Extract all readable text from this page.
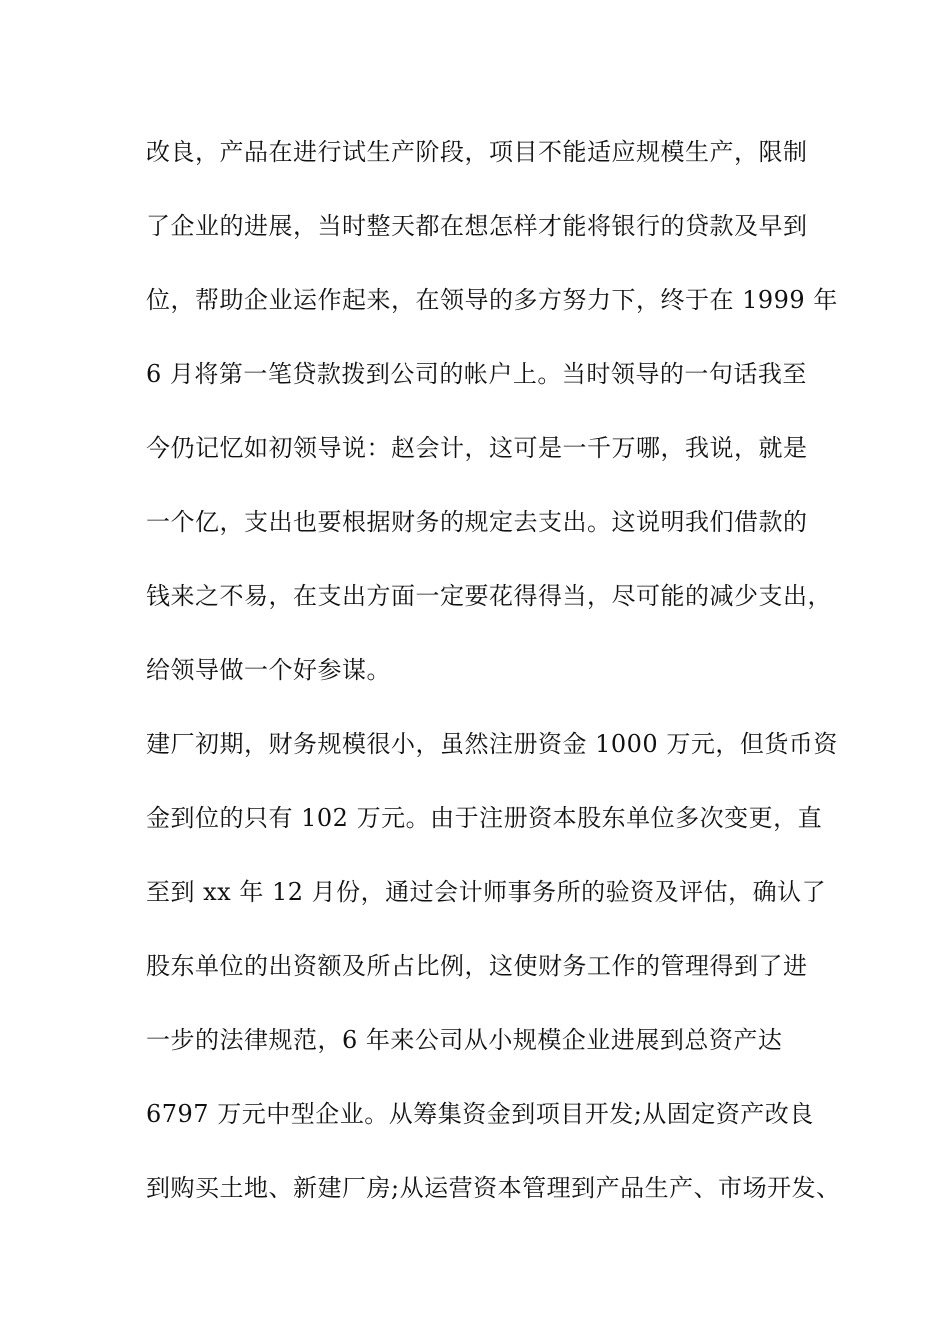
改良，产品在进行试生产阶段，项目不能适应规模生产，限制
了企业的进展，当时整天都在想怎样才能将银行的贷款及早到
位，帮助企业运作起来，在领导的多方努力下，终于在 1999 年
6 月将第一笔贷款拨到公司的帐户上。当时领导的一句话我至
今仍记忆如初领导说：赵会计，这可是一千万哪，我说，就是
一个亿，支出也要根据财务的规定去支出。这说明我们借款的
钱来之不易，在支出方面一定要花得得当，尽可能的减少支出，
给领导做一个好参谋。
建厂初期，财务规模很小，虽然注册资金 1000 万元，但货币资
金到位的只有 102 万元。由于注册资本股东单位多次变更，直
至到 xx 年 12 月份，通过会计师事务所的验资及评估，确认了
股东单位的出资额及所占比例，这使财务工作的管理得到了进
一步的法律规范，6 年来公司从小规模企业进展到总资产达
6797 万元中型企业。从筹集资金到项目开发;从固定资产改良
到购买土地、新建厂房;从运营资本管理到产品生产、市场开发、
